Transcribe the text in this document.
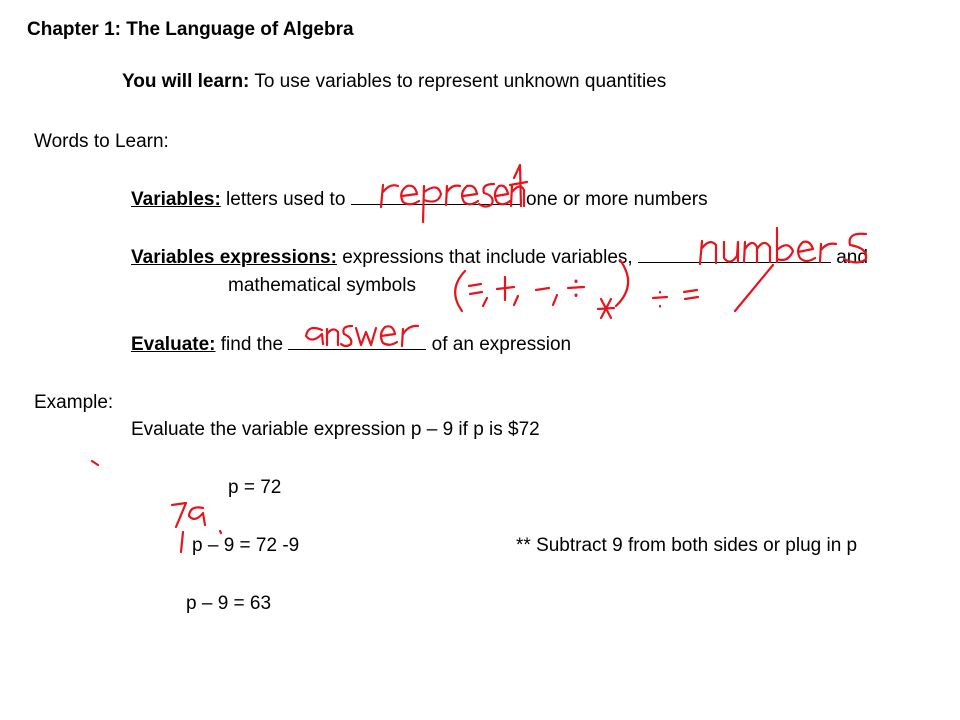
Chapter 1: The Language of Algebra
You will learn: To use variables to represent unknown quantities
Words to Learn:
Variables: letters used to	one or more numbers
Variables expressions: expressions that include variables,	and
mathematical symbols
Evaluate: find the	of an expression
Example:
Evaluate the variable expression p – 9 if p is $72
p = 72
p – 9 = 72 -9	** Subtract 9 from both sides or plug in p
p – 9 = 63
